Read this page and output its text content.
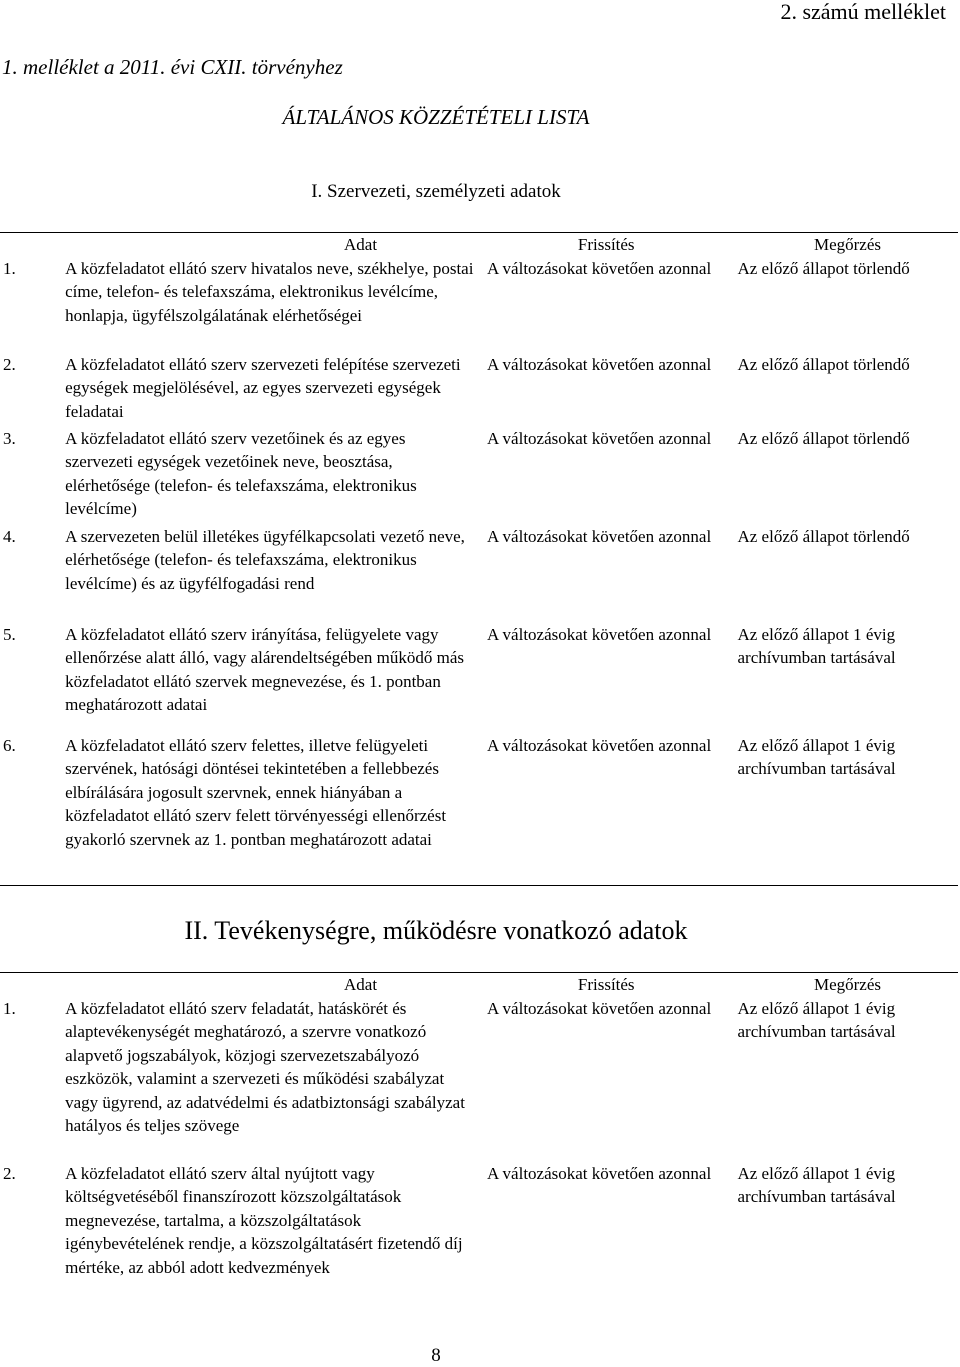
2. számú melléklet
1. melléklet a 2011. évi CXII. törvényhez
ÁLTALÁNOS KÖZZÉTÉTELI LISTA
I. Szervezeti, személyzeti adatok

	Adat	Frissítés	Megőrzés

1.	A közfeladatot ellátó szerv hivatalos neve, székhelye, postai címe, telefon- és telefaxszáma, elektronikus levélcíme, honlapja, ügyfélszolgálatának elérhetőségei	A változásokat követően azonnal	Az előző állapot törlendő

2.	A közfeladatot ellátó szerv szervezeti felépítése szervezeti egységek megjelölésével, az egyes szervezeti egységek feladatai	A változásokat követően azonnal	Az előző állapot törlendő

3.	A közfeladatot ellátó szerv vezetőinek és az egyes szervezeti egységek vezetőinek neve, beosztása, elérhetősége (telefon- és telefaxszáma, elektronikus levélcíme)	A változásokat követően azonnal	Az előző állapot törlendő

4.	A szervezeten belül illetékes ügyfélkapcsolati vezető neve, elérhetősége (telefon- és telefaxszáma, elektronikus levélcíme) és az ügyfélfogadási rend	A változásokat követően azonnal	Az előző állapot törlendő

5.	A közfeladatot ellátó szerv irányítása, felügyelete vagy ellenőrzése alatt álló, vagy alárendeltségében működő más közfeladatot ellátó szervek megnevezése, és 1. pontban meghatározott adatai	A változásokat követően azonnal	Az előző állapot 1 évig archívumban tartásával

6.	A közfeladatot ellátó szerv felettes, illetve felügyeleti szervének, hatósági döntései tekintetében a fellebbezés elbírálására jogosult szervnek, ennek hiányában a közfeladatot ellátó szerv felett törvényességi ellenőrzést gyakorló szervnek az 1. pontban meghatározott adatai	A változásokat követően azonnal	Az előző állapot 1 évig archívumban tartásával
II. Tevékenységre, működésre vonatkozó adatok

	Adat	Frissítés	Megőrzés

1.	A közfeladatot ellátó szerv feladatát, hatáskörét és alaptevékenységét meghatározó, a szervre vonatkozó alapvető jogszabályok, közjogi szervezetszabályozó eszközök, valamint a szervezeti és működési szabályzat vagy ügyrend, az adatvédelmi és adatbiztonsági szabályzat hatályos és teljes szövege	A változásokat követően azonnal	Az előző állapot 1 évig archívumban tartásával

2.	A közfeladatot ellátó szerv által nyújtott vagy költségvetéséből finanszírozott közszolgáltatások megnevezése, tartalma, a közszolgáltatások igénybevételének rendje, a közszolgáltatásért fizetendő díj mértéke, az abból adott kedvezmények	A változásokat követően azonnal	Az előző állapot 1 évig archívumban tartásával
8
